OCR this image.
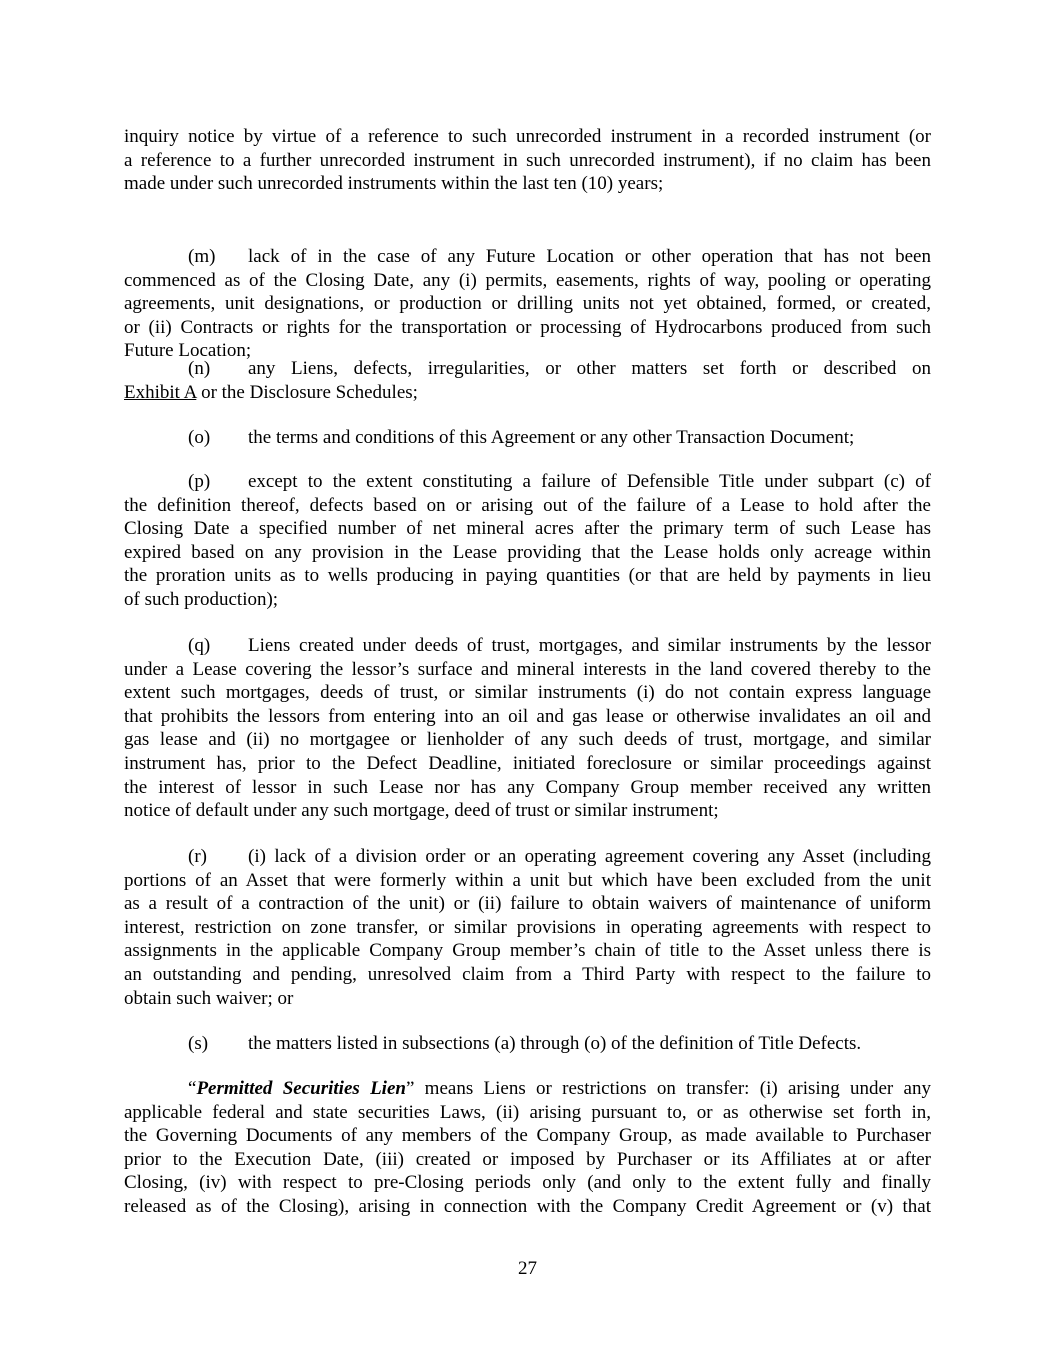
inquiry notice by virtue of a reference to such unrecorded instrument in a recorded instrument (or
a reference to a further unrecorded instrument in such unrecorded instrument), if no claim has been
made under such unrecorded instruments within the last ten (10) years;
(m) lack of in the case of any Future Location or other operation that has not been
commenced as of the Closing Date, any (i) permits, easements, rights of way, pooling or operating
agreements, unit designations, or production or drilling units not yet obtained, formed, or created,
or (ii) Contracts or rights for the transportation or processing of Hydrocarbons produced from such
Future Location;
(n) any Liens, defects, irregularities, or other matters set forth or described on
Exhibit A or the Disclosure Schedules;
(o) the terms and conditions of this Agreement or any other Transaction Document;
(p) except to the extent constituting a failure of Defensible Title under subpart (c) of
the definition thereof, defects based on or arising out of the failure of a Lease to hold after the
Closing Date a specified number of net mineral acres after the primary term of such Lease has
expired based on any provision in the Lease providing that the Lease holds only acreage within
the proration units as to wells producing in paying quantities (or that are held by payments in lieu
of such production);
(q) Liens created under deeds of trust, mortgages, and similar instruments by the lessor
under a Lease covering the lessor’s surface and mineral interests in the land covered thereby to the
extent such mortgages, deeds of trust, or similar instruments (i) do not contain express language
that prohibits the lessors from entering into an oil and gas lease or otherwise invalidates an oil and
gas lease and (ii) no mortgagee or lienholder of any such deeds of trust, mortgage, and similar
instrument has, prior to the Defect Deadline, initiated foreclosure or similar proceedings against
the interest of lessor in such Lease nor has any Company Group member received any written
notice of default under any such mortgage, deed of trust or similar instrument;
(r) (i) lack of a division order or an operating agreement covering any Asset (including
portions of an Asset that were formerly within a unit but which have been excluded from the unit
as a result of a contraction of the unit) or (ii) failure to obtain waivers of maintenance of uniform
interest, restriction on zone transfer, or similar provisions in operating agreements with respect to
assignments in the applicable Company Group member’s chain of title to the Asset unless there is
an outstanding and pending, unresolved claim from a Third Party with respect to the failure to
obtain such waiver; or
(s) the matters listed in subsections (a) through (o) of the definition of Title Defects.
“Permitted Securities Lien” means Liens or restrictions on transfer: (i) arising under any
applicable federal and state securities Laws, (ii) arising pursuant to, or as otherwise set forth in,
the Governing Documents of any members of the Company Group, as made available to Purchaser
prior to the Execution Date, (iii) created or imposed by Purchaser or its Affiliates at or after
Closing, (iv) with respect to pre-Closing periods only (and only to the extent fully and finally
released as of the Closing), arising in connection with the Company Credit Agreement or (v) that
27
